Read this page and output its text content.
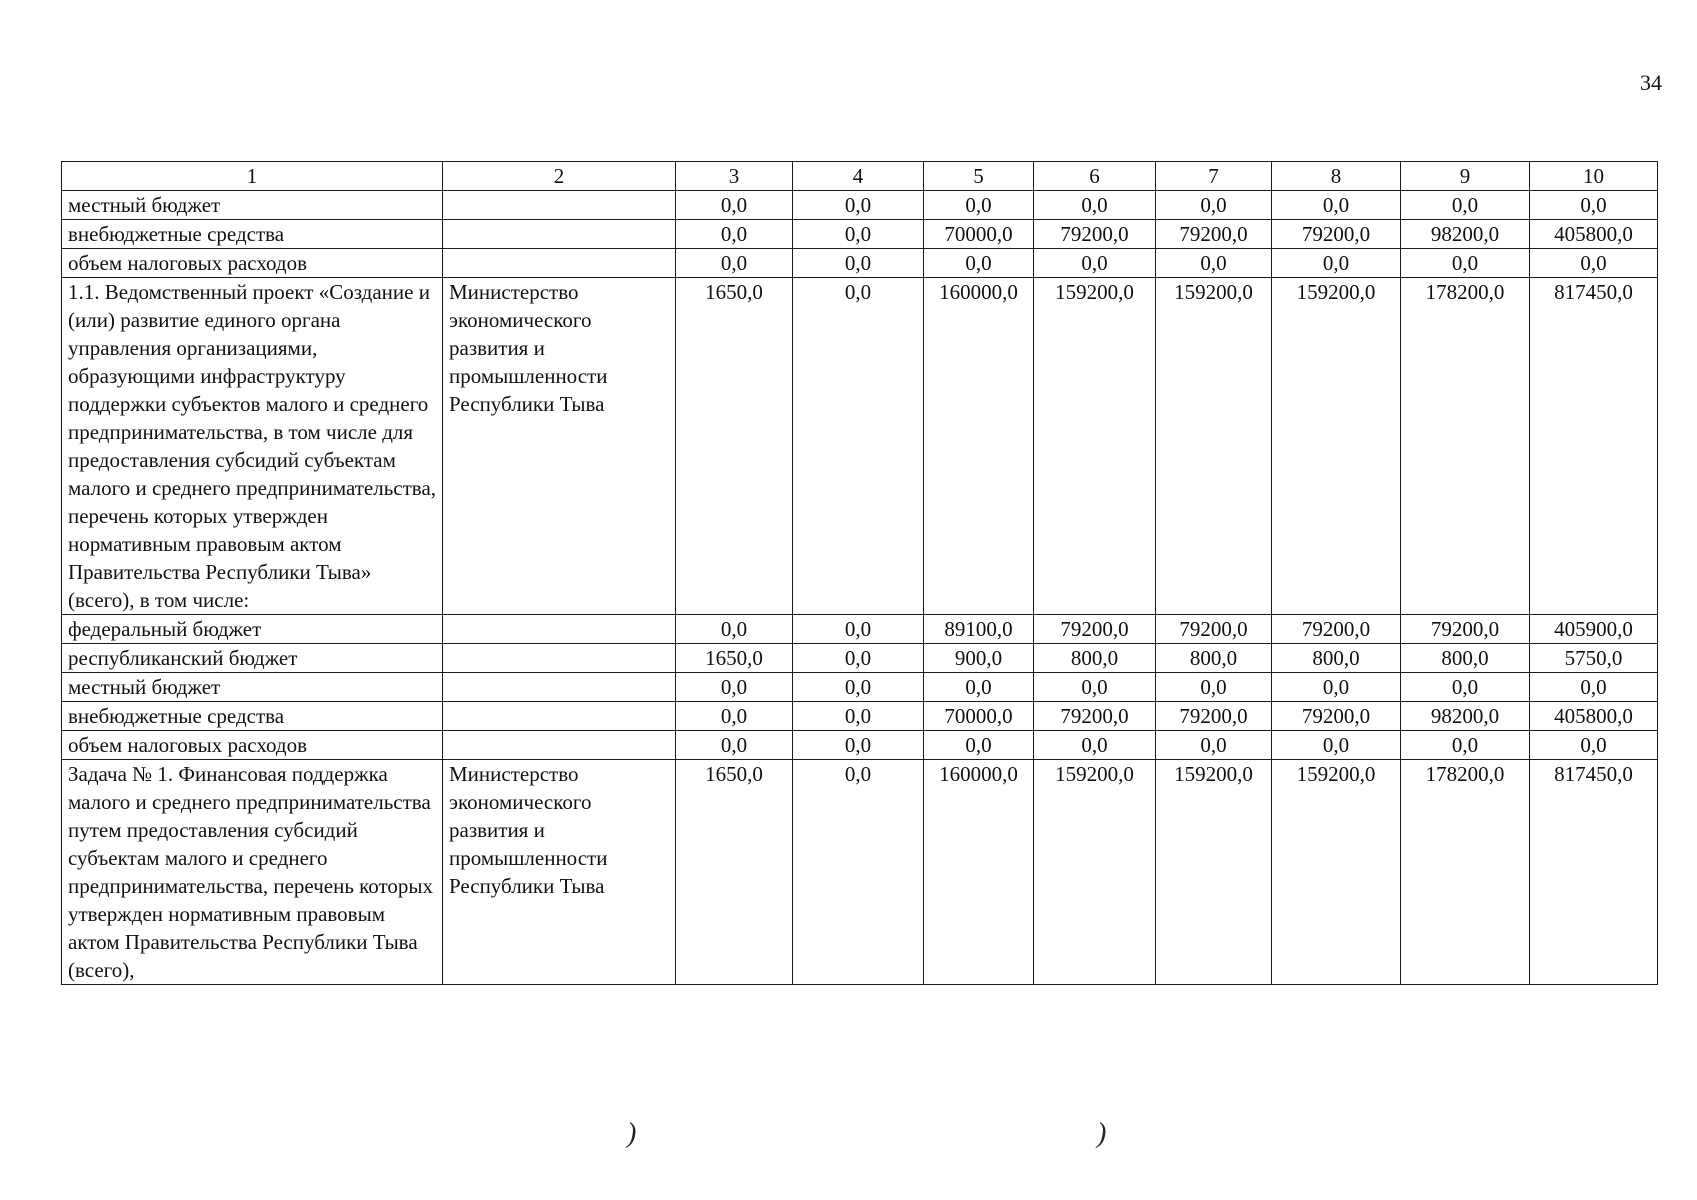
34
1	2	3	4	5	6	7	8	9	10
местный бюджет		0,0	0,0	0,0	0,0	0,0	0,0	0,0	0,0
внебюджетные средства		0,0	0,0	70000,0	79200,0	79200,0	79200,0	98200,0	405800,0
объем налоговых расходов		0,0	0,0	0,0	0,0	0,0	0,0	0,0	0,0
1.1. Ведомственный проект «Создание и (или) развитие единого органа управления организациями, образующими инфраструктуру поддержки субъектов малого и среднего предпринимательства, в том числе для предоставления субсидий субъектам малого и среднего предпринимательства, перечень которых утвержден нормативным правовым актом Правительства Республики Тыва» (всего), в том числе:	Министерство экономического развития и промышленности Республики Тыва	1650,0	0,0	160000,0	159200,0	159200,0	159200,0	178200,0	817450,0
федеральный бюджет		0,0	0,0	89100,0	79200,0	79200,0	79200,0	79200,0	405900,0
республиканский бюджет		1650,0	0,0	900,0	800,0	800,0	800,0	800,0	5750,0
местный бюджет		0,0	0,0	0,0	0,0	0,0	0,0	0,0	0,0
внебюджетные средства		0,0	0,0	70000,0	79200,0	79200,0	79200,0	98200,0	405800,0
объем налоговых расходов		0,0	0,0	0,0	0,0	0,0	0,0	0,0	0,0
Задача № 1. Финансовая поддержка малого и среднего предпринимательства путем предоставления субсидий субъектам малого и среднего предпринимательства, перечень которых утвержден нормативным правовым актом Правительства Республики Тыва (всего),	Министерство экономического развития и промышленности Республики Тыва	1650,0	0,0	160000,0	159200,0	159200,0	159200,0	178200,0	817450,0
)	)
